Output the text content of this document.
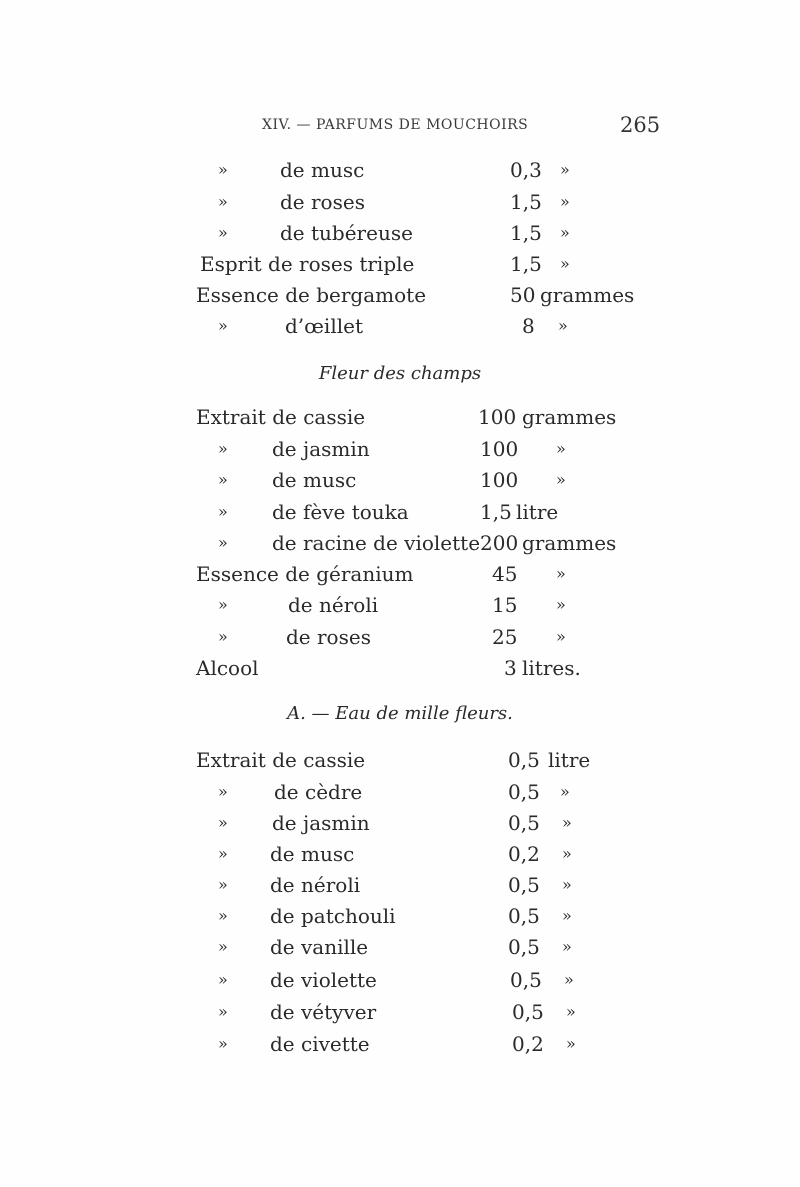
XIV. — PARFUMS DE MOUCHOIRS	265
»	de musc	0,3 »
»	de roses	1,5 »
»	de tubéreuse	1,5 »
Esprit de roses triple	1,5 »
Essence de bergamote	50 grammes
»	d’œillet	8 »
Fleur des champs
Extrait de cassie	100 grammes
» de jasmin	100 »
» de musc	100 »
» de fève touka	1,5 litre
» de racine de violette 200 grammes
Essence de géranium	45 »
»	de néroli	15 »
»	de roses	25 »
Alcool	3 litres.
A. — Eau de mille fleurs.
Extrait de cassie	0,5 litre
» de cèdre	0,5 »
» de jasmin	0,5 »
» de musc	0,2 »
» de néroli	0,5 »
» de patchouli	0,5 »
» de vanille	0,5 »
» de violette	0,5 »
» de vétyver	0,5 »
» de civette	0,2 »
